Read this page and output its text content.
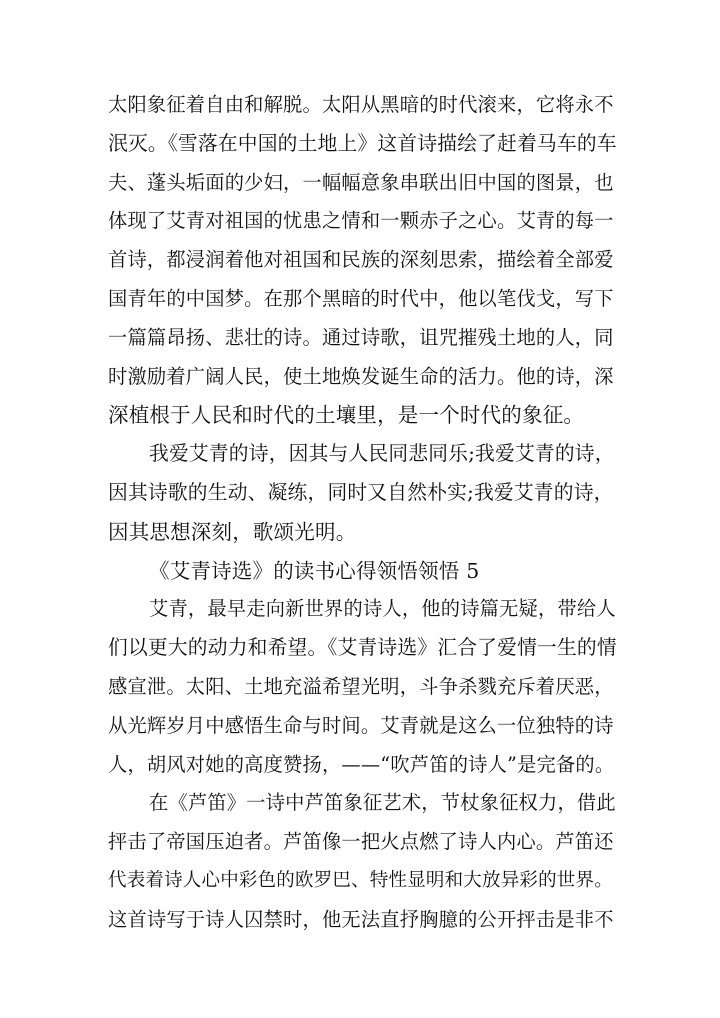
太阳象征着自由和解脱。太阳从黑暗的时代滚来，它将永不
泯灭。《雪落在中国的土地上》这首诗描绘了赶着马车的车
夫、蓬头垢面的少妇，一幅幅意象串联出旧中国的图景，也
体现了艾青对祖国的忧患之情和一颗赤子之心。艾青的每一
首诗，都浸润着他对祖国和民族的深刻思索，描绘着全部爱
国青年的中国梦。在那个黑暗的时代中，他以笔伐戈，写下
一篇篇昂扬、悲壮的诗。通过诗歌，诅咒摧残土地的人，同
时激励着广阔人民，使土地焕发诞生命的活力。他的诗，深
深植根于人民和时代的土壤里，是一个时代的象征。
我爱艾青的诗，因其与人民同悲同乐;我爱艾青的诗，
因其诗歌的生动、凝练，同时又自然朴实;我爱艾青的诗，
因其思想深刻，歌颂光明。
《艾青诗选》的读书心得领悟领悟 5
艾青，最早走向新世界的诗人，他的诗篇无疑，带给人
们以更大的动力和希望。《艾青诗选》汇合了爱情一生的情
感宣泄。太阳、土地充溢希望光明，斗争杀戮充斥着厌恶，
从光辉岁月中感悟生命与时间。艾青就是这么一位独特的诗
人，胡风对她的高度赞扬，——“吹芦笛的诗人”是完备的。
在《芦笛》一诗中芦笛象征艺术，节杖象征权力，借此
抨击了帝国压迫者。芦笛像一把火点燃了诗人内心。芦笛还
代表着诗人心中彩色的欧罗巴、特性显明和大放异彩的世界。
这首诗写于诗人囚禁时，他无法直抒胸臆的公开抨击是非不
